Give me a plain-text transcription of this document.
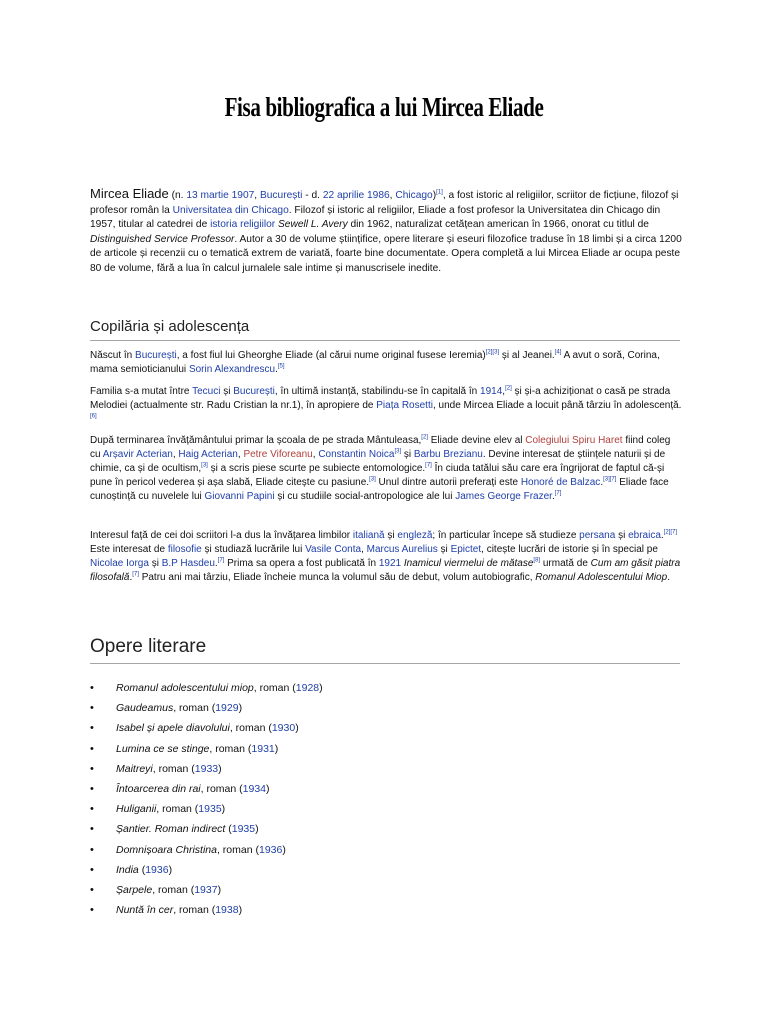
Fisa bibliografica a lui Mircea Eliade
Mircea Eliade (n. 13 martie 1907, București - d. 22 aprilie 1986, Chicago)[1], a fost istoric al religiilor, scriitor de ficțiune, filozof și profesor român la Universitatea din Chicago. Filozof și istoric al religiilor, Eliade a fost profesor la Universitatea din Chicago din 1957, titular al catedrei de istoria religiilor Sewell L. Avery din 1962, naturalizat cetățean american în 1966, onorat cu titlul de Distinguished Service Professor. Autor a 30 de volume științifice, opere literare și eseuri filozofice traduse în 18 limbi și a circa 1200 de articole și recenzii cu o tematică extrem de variată, foarte bine documentate. Opera completă a lui Mircea Eliade ar ocupa peste 80 de volume, fără a lua în calcul jurnalele sale intime și manuscrisele inedite.
Copilăria și adolescența
Născut în București, a fost fiul lui Gheorghe Eliade (al cărui nume original fusese Ieremia)[2][3] și al Jeanei.[4] A avut o soră, Corina, mama semioticianului Sorin Alexandrescu.[5]
Familia s-a mutat între Tecuci și București, în ultimă instanță, stabilindu-se în capitală în 1914,[2] și și-a achiziționat o casă pe strada Melodiei (actualmente str. Radu Cristian la nr.1), în apropiere de Piața Rosetti, unde Mircea Eliade a locuit până târziu în adolescență.[6]
După terminarea învățământului primar la școala de pe strada Mântuleasa,[2] Eliade devine elev al Colegiului Spiru Haret fiind coleg cu Arșavir Acterian, Haig Acterian, Petre Viforeanu, Constantin Noica[3] și Barbu Brezianu. Devine interesat de științele naturii și de chimie, ca și de ocultism,[3] și a scris piese scurte pe subiecte entomologice.[7] În ciuda tatălui său care era îngrijorat de faptul că-și pune în pericol vederea și așa slabă, Eliade citește cu pasiune.[3] Unul dintre autorii preferați este Honoré de Balzac.[3][7] Eliade face cunoștință cu nuvelele lui Giovanni Papini și cu studiile social-antropologice ale lui James George Frazer.[7]
Interesul față de cei doi scriitori l-a dus la învățarea limbilor italiană și engleză; în particular începe să studieze persana și ebraica.[2][7] Este interesat de filosofie și studiază lucrările lui Vasile Conta, Marcus Aurelius și Epictet, citește lucrări de istorie și în special pe Nicolae Iorga și B.P Hasdeu.[7] Prima sa opera a fost publicată în 1921 Inamicul viermelui de mătase[8] urmată de Cum am găsit piatra filosofală.[7] Patru ani mai târziu, Eliade încheie munca la volumul său de debut, volum autobiografic, Romanul Adolescentului Miop.
Opere literare
• Romanul adolescentului miop, roman (1928)
• Gaudeamus, roman (1929)
• Isabel și apele diavolului, roman (1930)
• Lumina ce se stinge, roman (1931)
• Maitreyi, roman (1933)
• Întoarcerea din rai, roman (1934)
• Huliganii, roman (1935)
• Șantier. Roman indirect (1935)
• Domnișoara Christina, roman (1936)
• India (1936)
• Șarpele, roman (1937)
• Nuntă în cer, roman (1938)
